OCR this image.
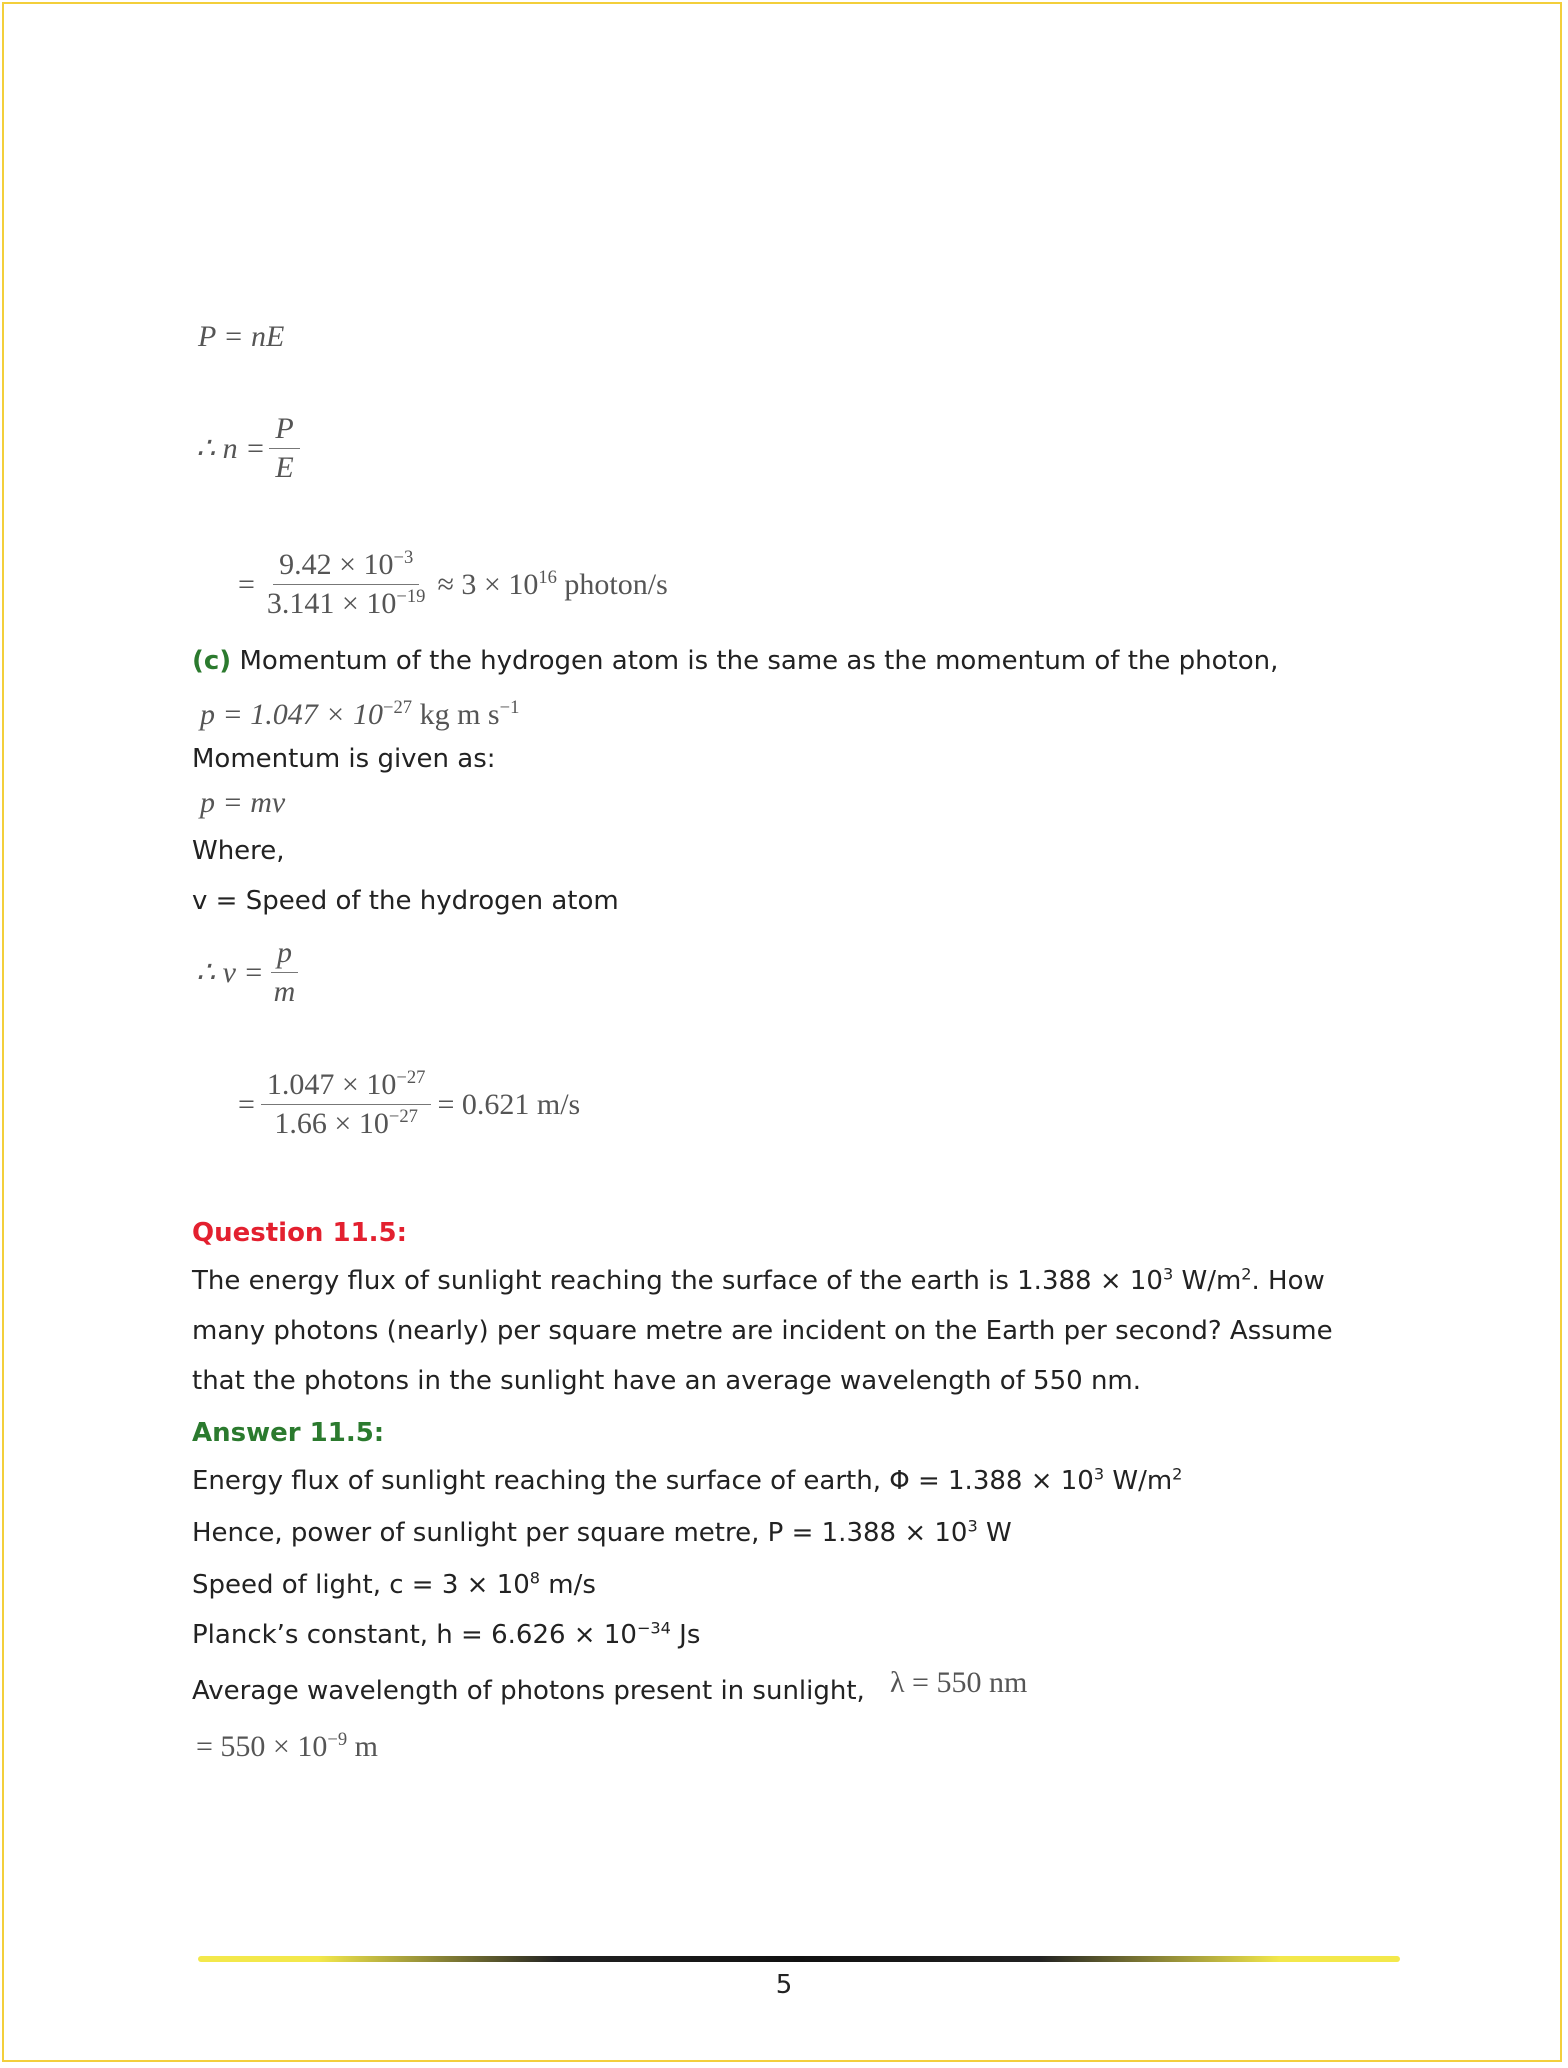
P = nE
∴ $n = \frac{P}{E}$
= $\frac{9.42 \times 10^{-3}}{3.141 \times 10^{-19}} \approx 3 \times 10^{16}$ photon/s
(c) Momentum of the hydrogen atom is the same as the momentum of the photon,
$p = 1.047 \times 10^{-27}$ kg m $s^{-1}$
Momentum is given as:
p = mv
Where,
v = Speed of the hydrogen atom
∴ $v = \frac{p}{m}$
= $\frac{1.047 \times 10^{-27}}{1.66 \times 10^{-27}} = 0.621$ m/s
Question 11.5:
The energy flux of sunlight reaching the surface of the earth is $1.388 \times 10^3$ $W/m^2$. How
many photons (nearly) per square metre are incident on the Earth per second? Assume
that the photons in the sunlight have an average wavelength of 550 nm.
Answer 11.5:
Energy flux of sunlight reaching the surface of earth, $\Phi = 1.388 \times 10^3$ $W/m^2$
Hence, power of sunlight per square metre, $P = 1.388 \times 10^3$ W
Speed of light, $c = 3 \times 10^8$ m/s
Planck’s constant, $h = 6.626 \times 10^{-34}$ Js
Average wavelength of photons present in sunlight, λ = 550 nm
= $550 \times 10^{-9}$ m
5
